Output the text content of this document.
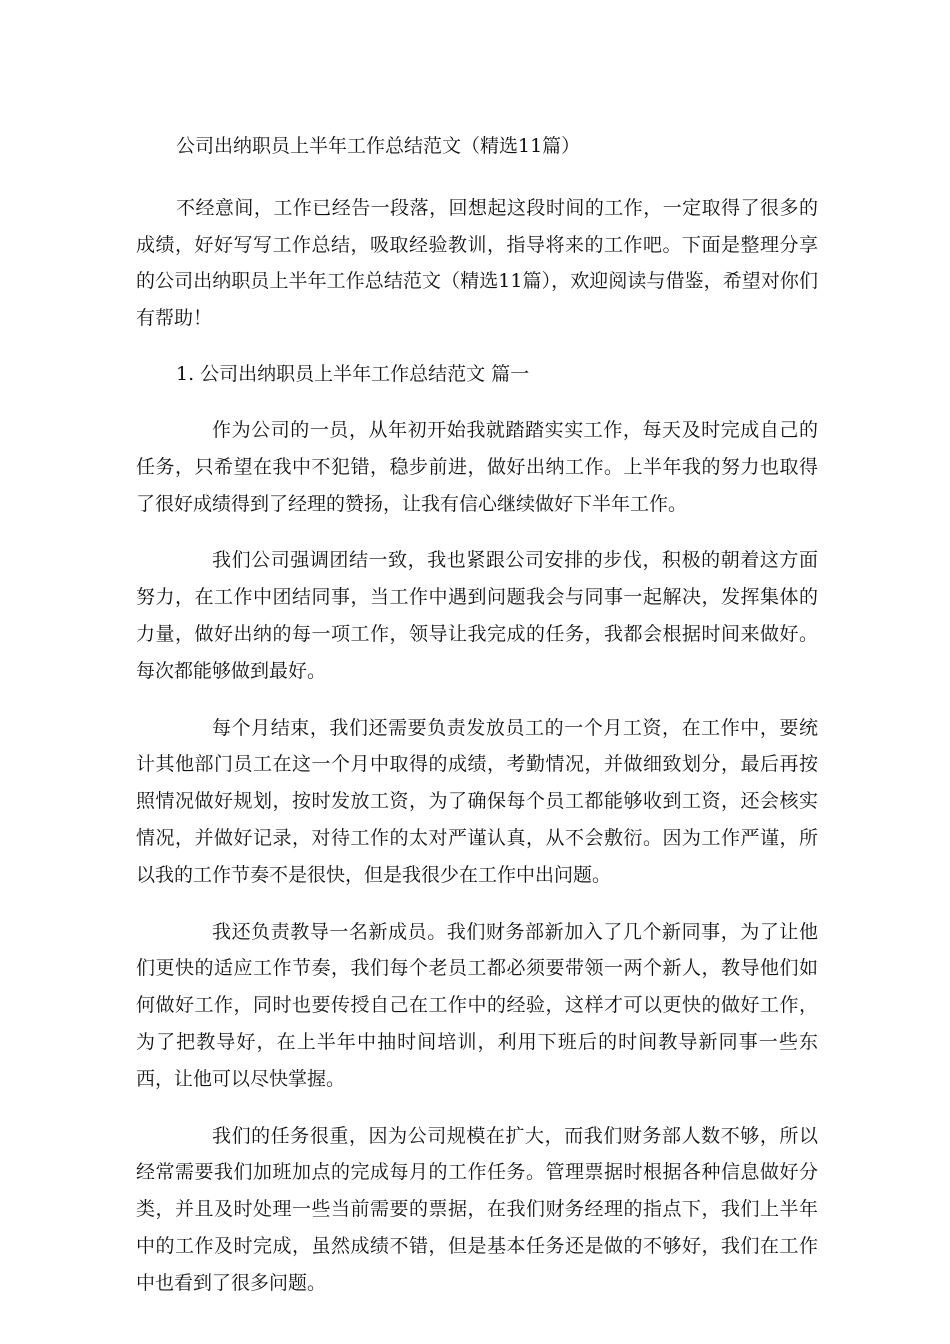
公司出纳职员上半年工作总结范文（精选11篇）

不经意间，工作已经告一段落，回想起这段时间的工作，一定取得了很多的成绩，好好写写工作总结，吸取经验教训，指导将来的工作吧。下面是整理分享的公司出纳职员上半年工作总结范文（精选11篇），欢迎阅读与借鉴，希望对你们有帮助！

1. 公司出纳职员上半年工作总结范文 篇一

作为公司的一员，从年初开始我就踏踏实实工作，每天及时完成自己的任务，只希望在我中不犯错，稳步前进，做好出纳工作。上半年我的努力也取得了很好成绩得到了经理的赞扬，让我有信心继续做好下半年工作。

我们公司强调团结一致，我也紧跟公司安排的步伐，积极的朝着这方面努力，在工作中团结同事，当工作中遇到问题我会与同事一起解决，发挥集体的力量，做好出纳的每一项工作，领导让我完成的任务，我都会根据时间来做好。每次都能够做到最好。

每个月结束，我们还需要负责发放员工的一个月工资，在工作中，要统计其他部门员工在这一个月中取得的成绩，考勤情况，并做细致划分，最后再按照情况做好规划，按时发放工资，为了确保每个员工都能够收到工资，还会核实情况，并做好记录，对待工作的太对严谨认真，从不会敷衍。因为工作严谨，所以我的工作节奏不是很快，但是我很少在工作中出问题。

我还负责教导一名新成员。我们财务部新加入了几个新同事，为了让他们更快的适应工作节奏，我们每个老员工都必须要带领一两个新人，教导他们如何做好工作，同时也要传授自己在工作中的经验，这样才可以更快的做好工作，为了把教导好，在上半年中抽时间培训，利用下班后的时间教导新同事一些东西，让他可以尽快掌握。

我们的任务很重，因为公司规模在扩大，而我们财务部人数不够，所以经常需要我们加班加点的完成每月的工作任务。管理票据时根据各种信息做好分类，并且及时处理一些当前需要的票据，在我们财务经理的指点下，我们上半年中的工作及时完成，虽然成绩不错，但是基本任务还是做的不够好，我们在工作中也看到了很多问题。
